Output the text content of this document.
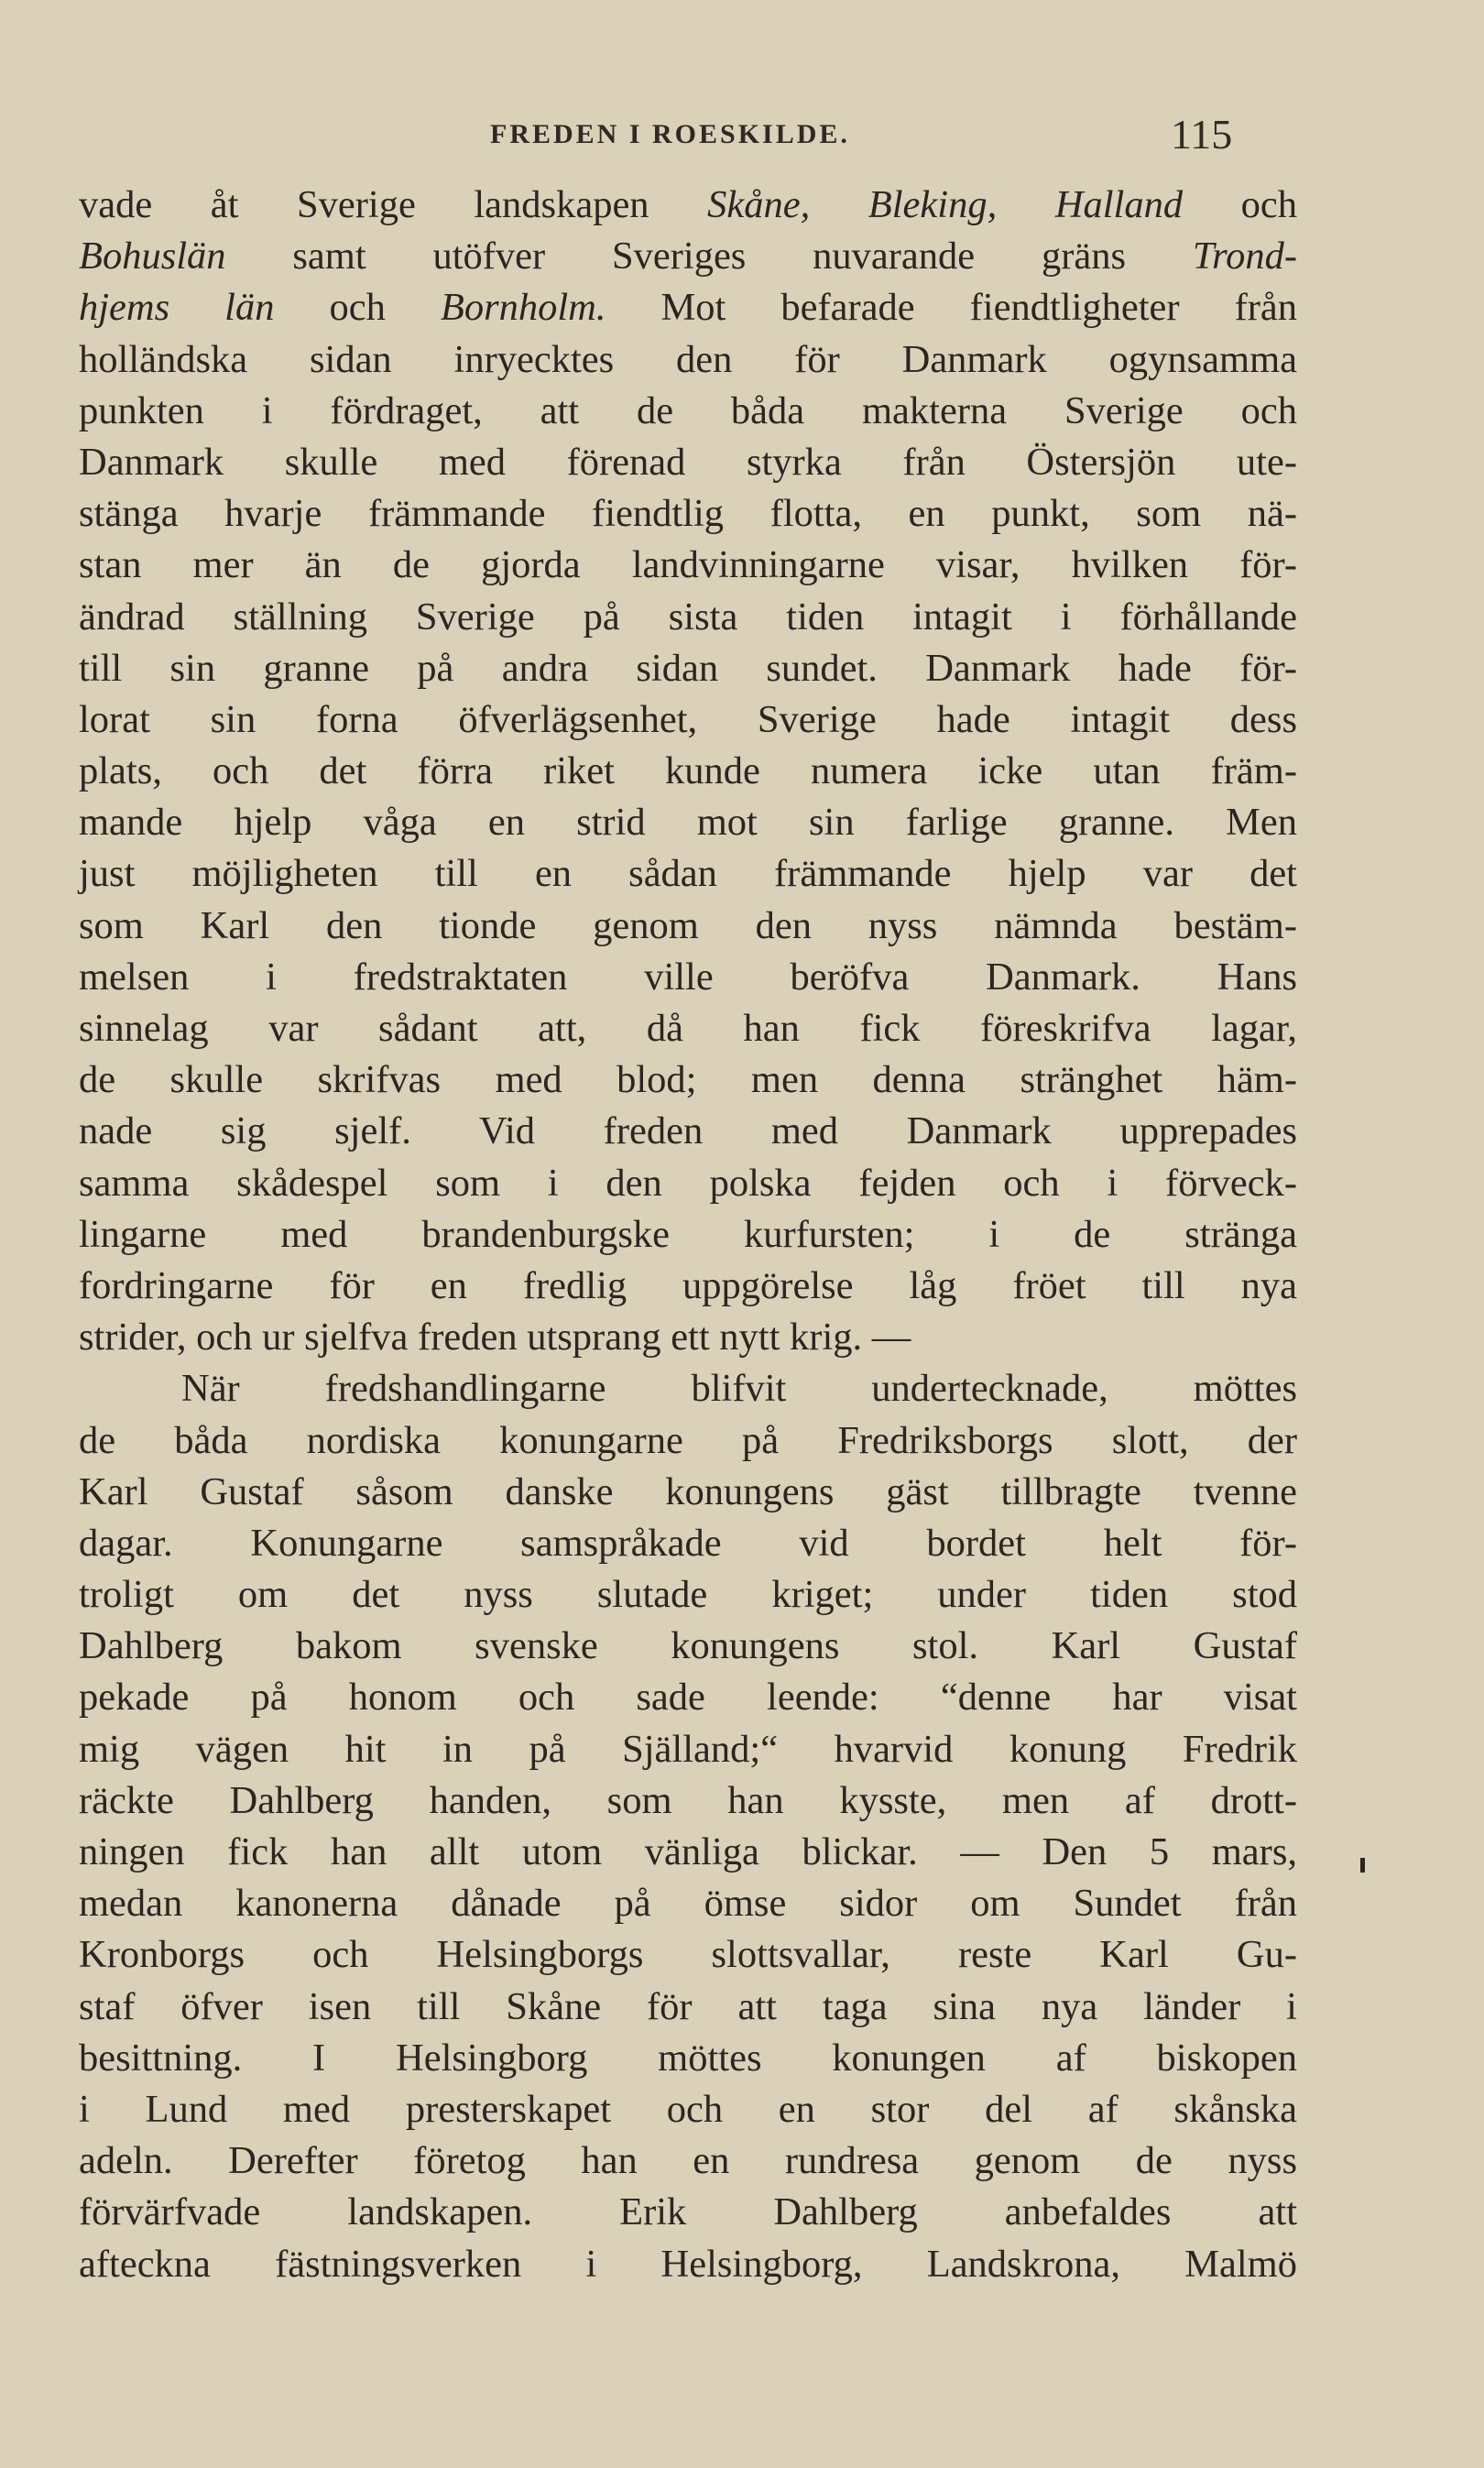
FREDEN I ROESKILDE.	115
vade åt Sverige landskapen Skåne, Bleking, Halland och
Bohuslän samt utöfver Sveriges nuvarande gräns Trond-
hjems län och Bornholm. Mot befarade fiendtligheter från
holländska sidan inryecktes den för Danmark ogynsamma
punkten i fördraget, att de båda makterna Sverige och
Danmark skulle med förenad styrka från Östersjön ute-
stänga hvarje främmande fiendtlig flotta, en punkt, som nä-
stan mer än de gjorda landvinningarne visar, hvilken för-
ändrad ställning Sverige på sista tiden intagit i förhållande
till sin granne på andra sidan sundet. Danmark hade för-
lorat sin forna öfverlägsenhet, Sverige hade intagit dess
plats, och det förra riket kunde numera icke utan främ-
mande hjelp våga en strid mot sin farlige granne. Men
just möjligheten till en sådan främmande hjelp var det
som Karl den tionde genom den nyss nämnda bestäm-
melsen i fredstraktaten ville beröfva Danmark. Hans
sinnelag var sådant att, då han fick föreskrifva lagar,
de skulle skrifvas med blod; men denna stränghet häm-
nade sig sjelf. Vid freden med Danmark upprepades
samma skådespel som i den polska fejden och i förveck-
lingarne med brandenburgske kurfursten; i de stränga
fordringarne för en fredlig uppgörelse låg fröet till nya
strider, och ur sjelfva freden utsprang ett nytt krig. —
När fredshandlingarne blifvit undertecknade, möttes
de båda nordiska konungarne på Fredriksborgs slott, der
Karl Gustaf såsom danske konungens gäst tillbragte tvenne
dagar. Konungarne samspråkade vid bordet helt för-
troligt om det nyss slutade kriget; under tiden stod
Dahlberg bakom svenske konungens stol. Karl Gustaf
pekade på honom och sade leende: “denne har visat
mig vägen hit in på Själland;“ hvarvid konung Fredrik
räckte Dahlberg handen, som han kysste, men af drott-
ningen fick han allt utom vänliga blickar. — Den 5 mars,
medan kanonerna dånade på ömse sidor om Sundet från
Kronborgs och Helsingborgs slottsvallar, reste Karl Gu-
staf öfver isen till Skåne för att taga sina nya länder i
besittning. I Helsingborg möttes konungen af biskopen
i Lund med presterskapet och en stor del af skånska
adeln. Derefter företog han en rundresa genom de nyss
förvärfvade landskapen. Erik Dahlberg anbefaldes att
afteckna fästningsverken i Helsingborg, Landskrona, Malmö
